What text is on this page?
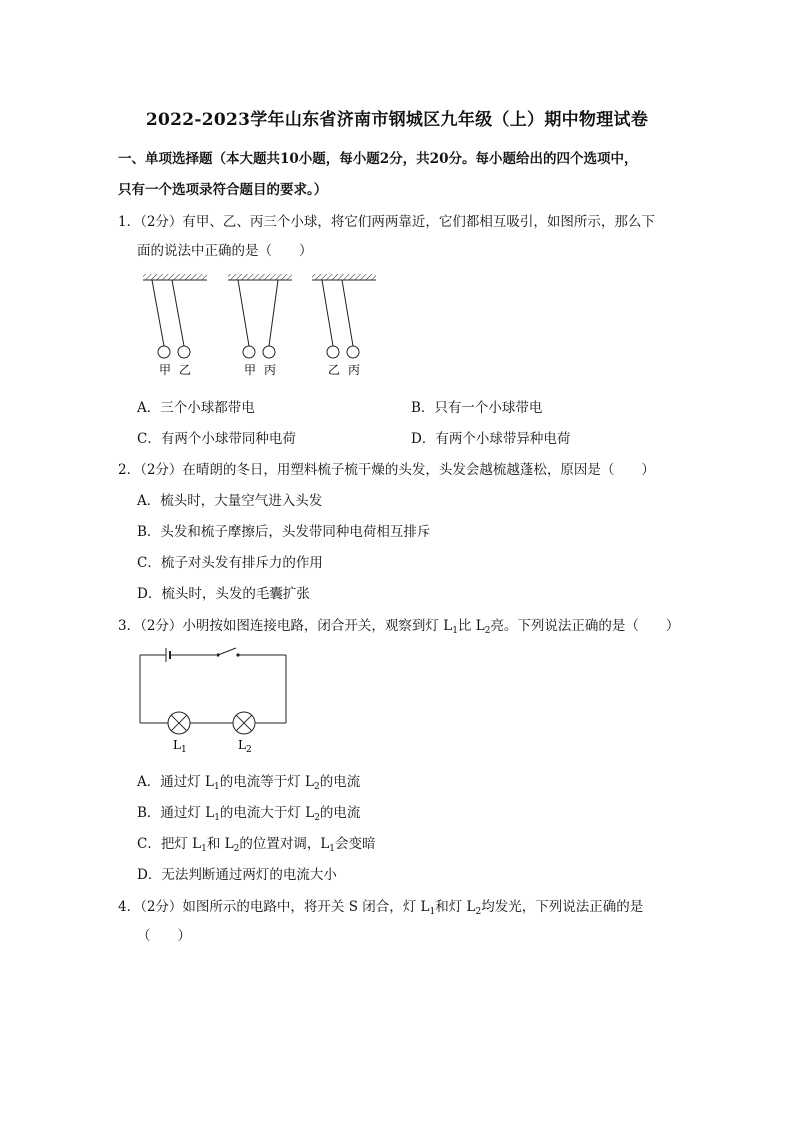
2022-2023学年山东省济南市钢城区九年级（上）期中物理试卷
一、单项选择题（本大题共10小题，每小题2分，共20分。每小题给出的四个选项中，
只有一个选项录符合题目的要求。）
1．（2分）有甲、乙、丙三个小球，将它们两两靠近，它们都相互吸引，如图所示，那么下
面的说法中正确的是（　　）
甲 乙	甲 丙	乙 丙
A．三个小球都带电	B．只有一个小球带电
C．有两个小球带同种电荷	D．有两个小球带异种电荷
2．（2分）在晴朗的冬日，用塑料梳子梳干燥的头发，头发会越梳越蓬松，原因是（　　）
A．梳头时，大量空气进入头发
B．头发和梳子摩擦后，头发带同种电荷相互排斥
C．梳子对头发有排斥力的作用
D．梳头时，头发的毛囊扩张
3．（2分）小明按如图连接电路，闭合开关，观察到灯 $L_1$比 $L_2$亮。下列说法正确的是（　　）
$L_1$	$L_2$
A．通过灯 $L_1$的电流等于灯 $L_2$的电流
B．通过灯 $L_1$的电流大于灯 $L_2$的电流
C．把灯 $L_1$和 $L_2$的位置对调，$L_1$会变暗
D．无法判断通过两灯的电流大小
4．（2分）如图所示的电路中，将开关 S 闭合，灯 $L_1$和灯 $L_2$均发光，下列说法正确的是
（　　）
